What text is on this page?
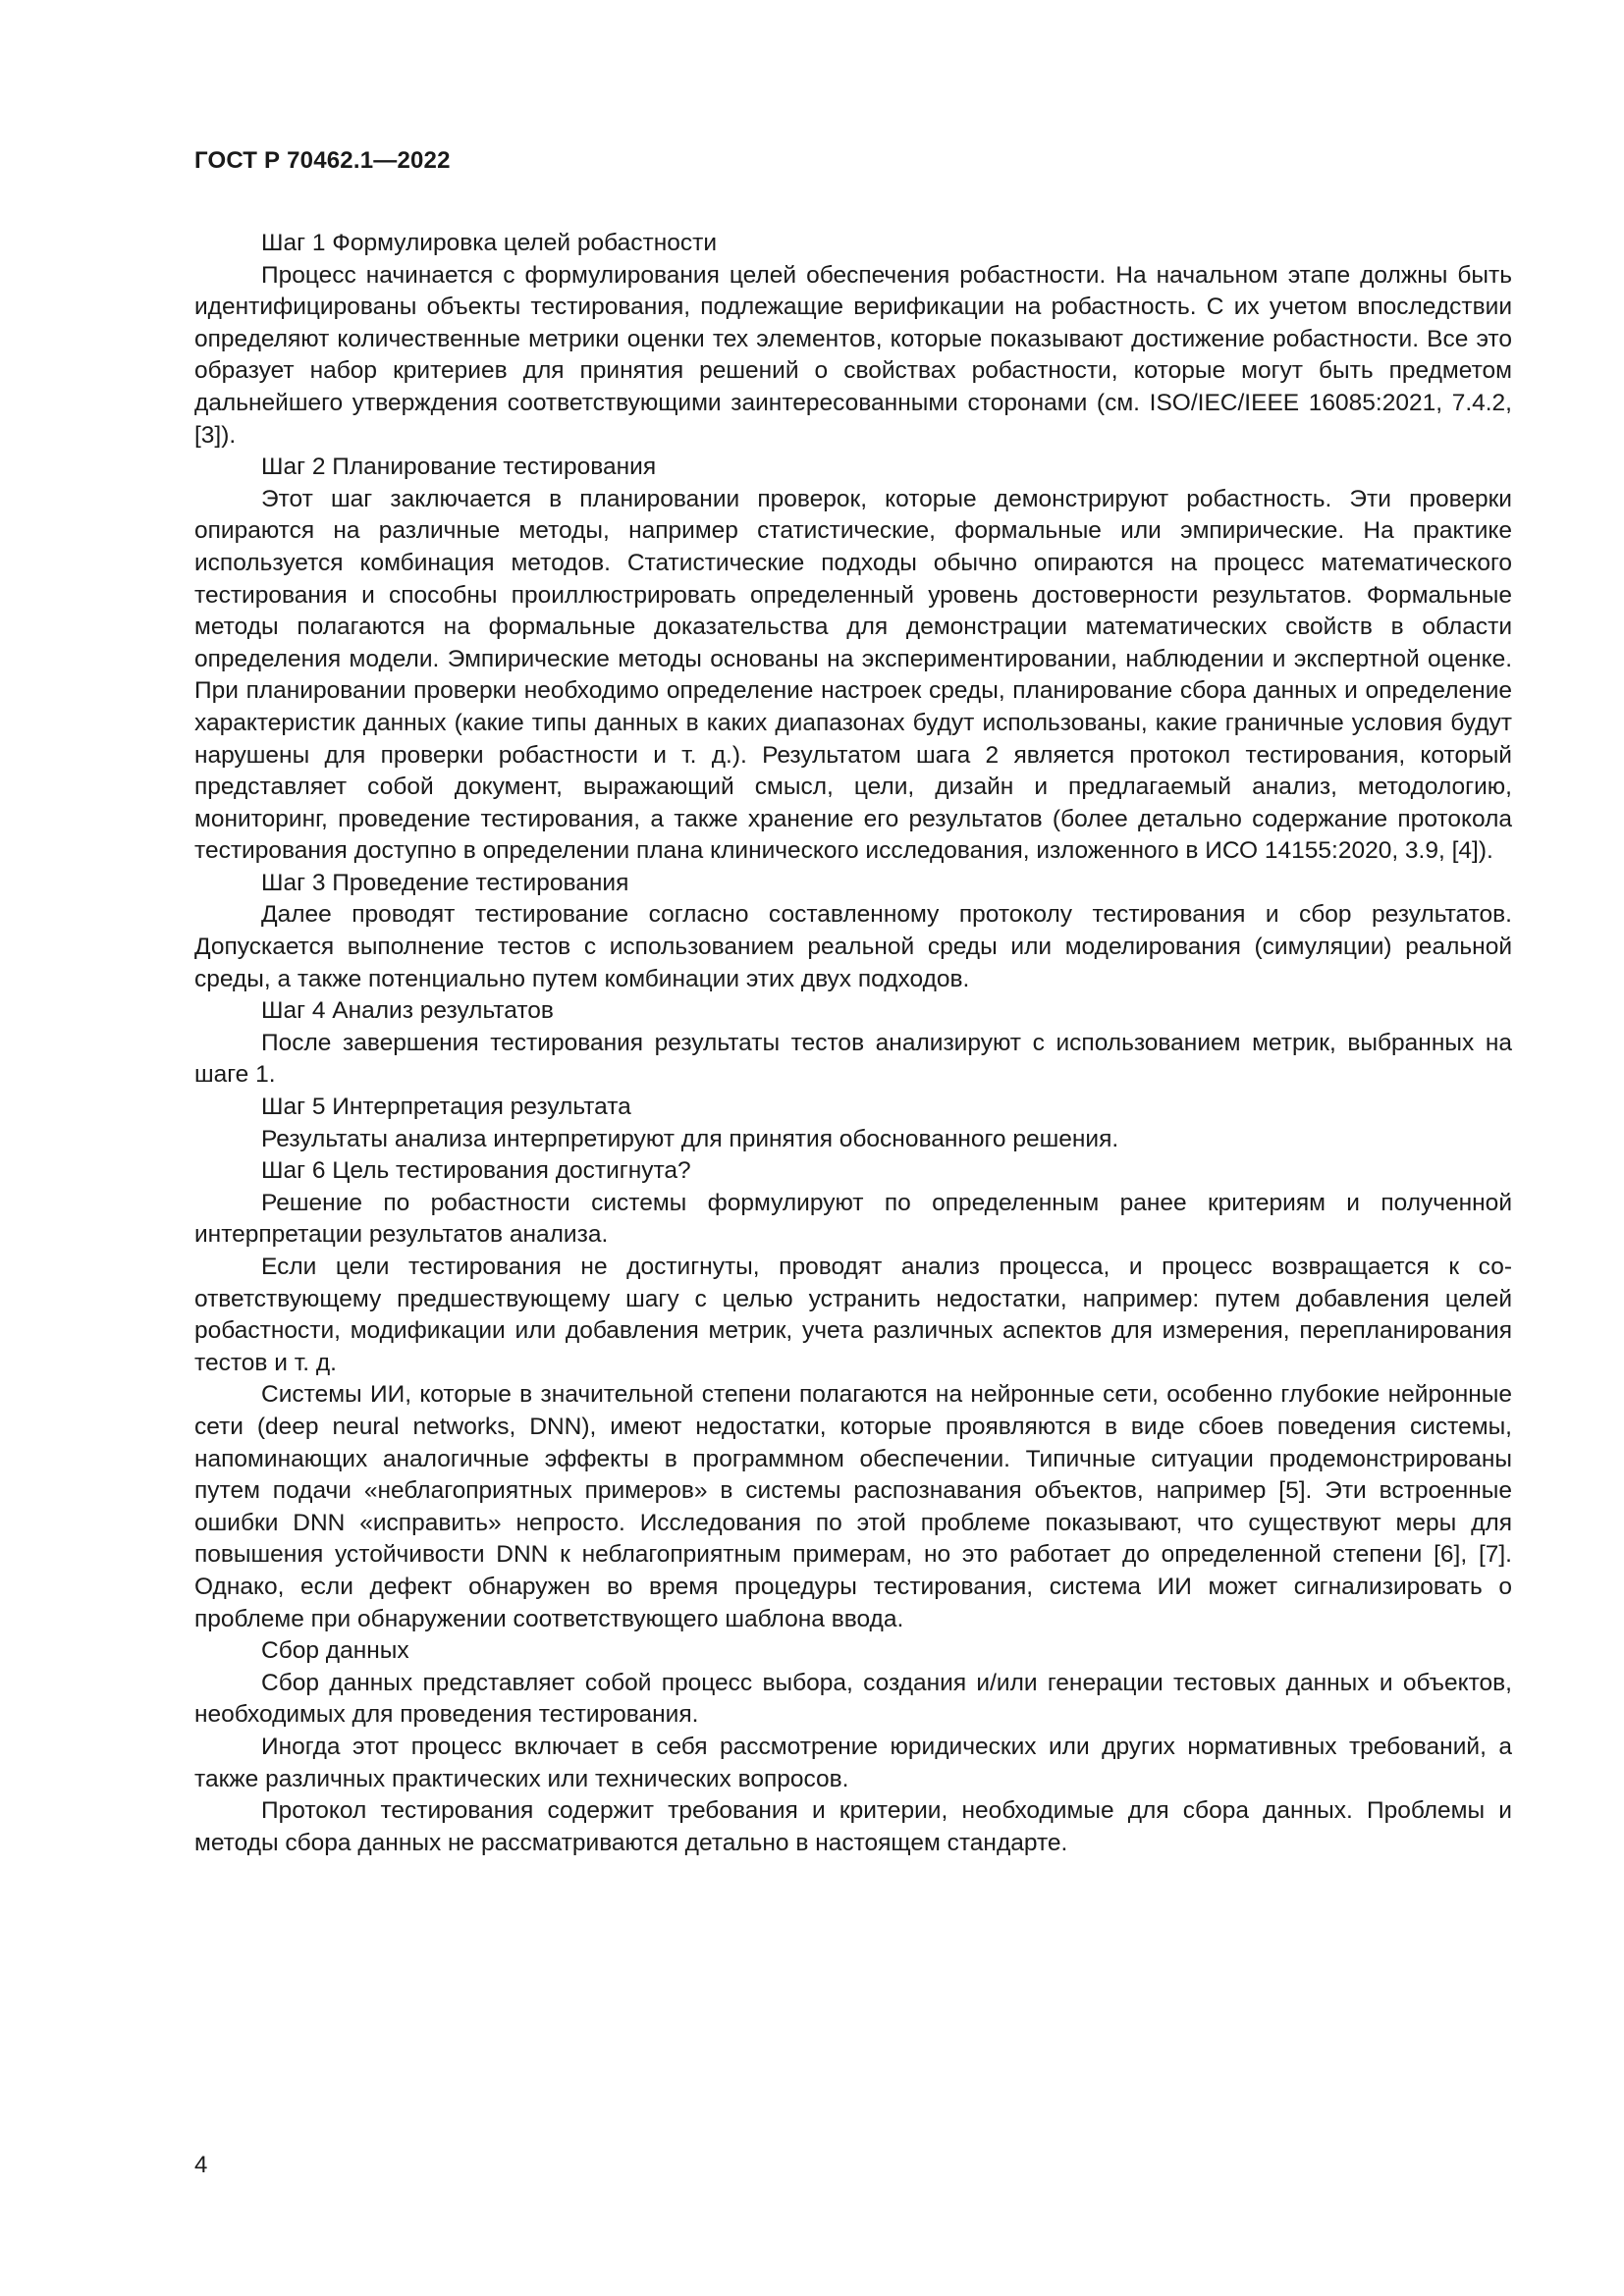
ГОСТ Р 70462.1—2022

Шаг 1 Формулировка целей робастности

Процесс начинается с формулирования целей обеспечения робастности. На начальном этапе должны быть идентифицированы объекты тестирования, подлежащие верификации на робастность. С их учетом впоследствии определяют количественные метрики оценки тех элементов, которые показывают достижение робастности. Все это образует набор критериев для принятия решений о свойствах робастности, которые могут быть предметом дальнейшего утверждения соответствующими заинтересованными сторонами (см. ISO/IEC/IEEE 16085:2021, 7.4.2, [3]).

Шаг 2 Планирование тестирования

Этот шаг заключается в планировании проверок, которые демонстрируют робастность. Эти проверки опираются на различные методы, например статистические, формальные или эмпирические. На практике используется комбинация методов. Статистические подходы обычно опираются на процесс математического тестирования и способны проиллюстрировать определенный уровень достоверности результатов. Формальные методы полагаются на формальные доказательства для демонстрации математических свойств в области определения модели. Эмпирические методы основаны на экспериментировании, наблюдении и экспертной оценке. При планировании проверки необходимо определение настроек среды, планирование сбора данных и определение характеристик данных (какие типы данных в каких диапазонах будут использованы, какие граничные условия будут нарушены для проверки робастности и т. д.). Результатом шага 2 является протокол тестирования, который представляет собой документ, выражающий смысл, цели, дизайн и предлагаемый анализ, методологию, мониторинг, проведение тестирования, а также хранение его результатов (более детально содержание протокола тестирования доступно в определении плана клинического исследования, изложенного в ИСО 14155:2020, 3.9, [4]).

Шаг 3 Проведение тестирования

Далее проводят тестирование согласно составленному протоколу тестирования и сбор результатов. Допускается выполнение тестов с использованием реальной среды или моделирования (симуляции) реальной среды, а также потенциально путем комбинации этих двух подходов.

Шаг 4 Анализ результатов

После завершения тестирования результаты тестов анализируют с использованием метрик, выбранных на шаге 1.

Шаг 5 Интерпретация результата

Результаты анализа интерпретируют для принятия обоснованного решения.

Шаг 6 Цель тестирования достигнута?

Решение по робастности системы формулируют по определенным ранее критериям и полученной интерпретации результатов анализа.

Если цели тестирования не достигнуты, проводят анализ процесса, и процесс возвращается к соответствующему предшествующему шагу с целью устранить недостатки, например: путем добавления целей робастности, модификации или добавления метрик, учета различных аспектов для измерения, перепланирования тестов и т. д.

Системы ИИ, которые в значительной степени полагаются на нейронные сети, особенно глубокие нейронные сети (deep neural networks, DNN), имеют недостатки, которые проявляются в виде сбоев поведения системы, напоминающих аналогичные эффекты в программном обеспечении. Типичные ситуации продемонстрированы путем подачи «неблагоприятных примеров» в системы распознавания объектов, например [5]. Эти встроенные ошибки DNN «исправить» непросто. Исследования по этой проблеме показывают, что существуют меры для повышения устойчивости DNN к неблагоприятным примерам, но это работает до определенной степени [6], [7]. Однако, если дефект обнаружен во время процедуры тестирования, система ИИ может сигнализировать о проблеме при обнаружении соответствующего шаблона ввода.

Сбор данных

Сбор данных представляет собой процесс выбора, создания и/или генерации тестовых данных и объектов, необходимых для проведения тестирования.

Иногда этот процесс включает в себя рассмотрение юридических или других нормативных требований, а также различных практических или технических вопросов.

Протокол тестирования содержит требования и критерии, необходимые для сбора данных. Проблемы и методы сбора данных не рассматриваются детально в настоящем стандарте.

4
